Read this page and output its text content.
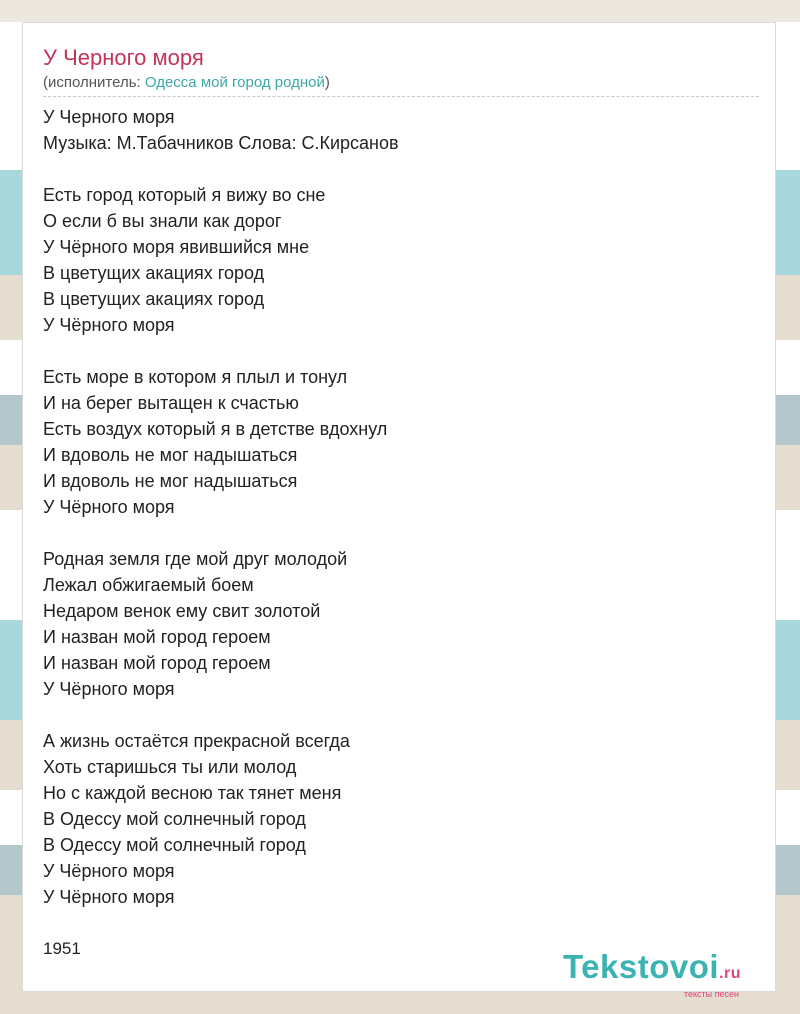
У Черного моря
(исполнитель: Одесса мой город родной)
У Черного моря
Музыка: М.Табачников Слова: С.Кирсанов
Есть город который я вижу во сне
О если б вы знали как дорог
У Чёрного моря явившийся мне
В цветущих акациях город
В цветущих акациях город
У Чёрного моря
Есть море в котором я плыл и тонул
И на берег вытащен к счастью
Есть воздух который я в детстве вдохнул
И вдоволь не мог надышаться
И вдоволь не мог надышаться
У Чёрного моря
Родная земля где мой друг молодой
Лежал обжигаемый боем
Недаром венок ему свит золотой
И назван мой город героем
И назван мой город героем
У Чёрного моря
А жизнь остаётся прекрасной всегда
Хоть старишься ты или молод
Но с каждой весною так тянет меня
В Одессу мой солнечный город
В Одессу мой солнечный город
У Чёрного моря
У Чёрного моря
1951	Tekstovoi.ru
тексты песен
